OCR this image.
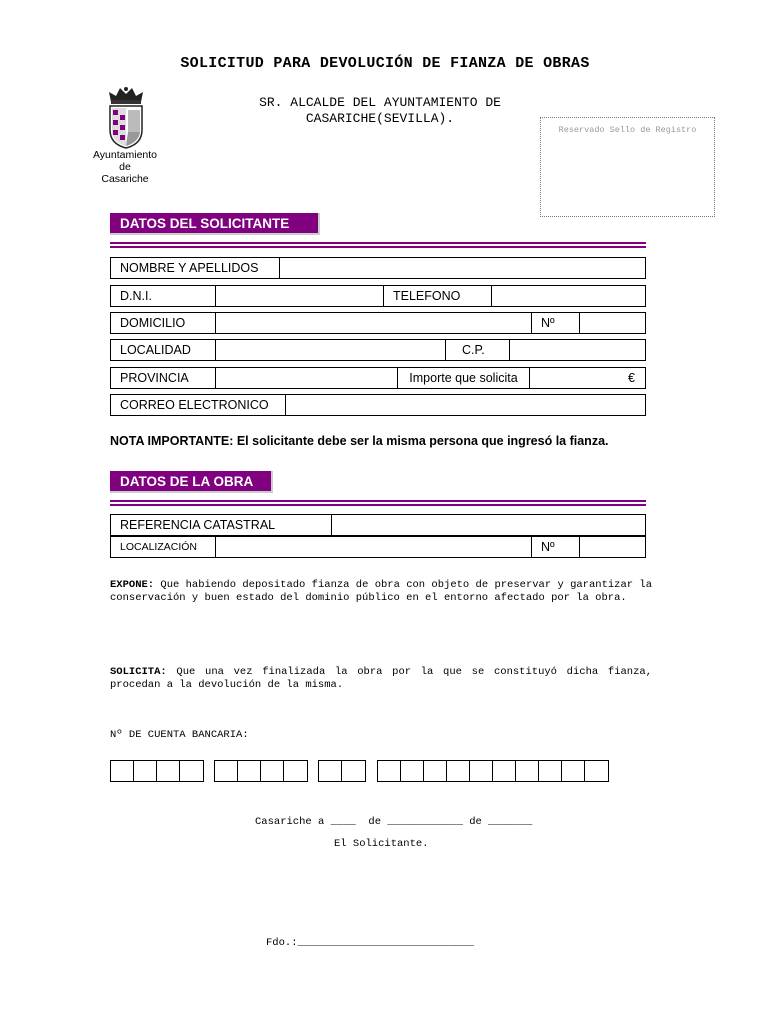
SOLICITUD PARA DEVOLUCIÓN DE FIANZA DE OBRAS
Ayuntamiento
de
Casariche
SR. ALCALDE DEL AYUNTAMIENTO DE
CASARICHE(SEVILLA).
Reservado Sello de Registro
DATOS DEL SOLICITANTE
NOMBRE Y APELLIDOS
D.N.I.	TELEFONO
DOMICILIO	Nº
LOCALIDAD	C.P.
PROVINCIA	Importe que solicita	€
CORREO ELECTRONICO
NOTA IMPORTANTE: El solicitante debe ser la misma persona que ingresó la fianza.
DATOS DE LA OBRA
REFERENCIA CATASTRAL
LOCALIZACIÓN	Nº
EXPONE: Que habiendo depositado fianza de obra con objeto de preservar y garantizar la conservación y buen estado del dominio público en el entorno afectado por la obra.
SOLICITA: Que una vez finalizada la obra por la que se constituyó dicha fianza, procedan a la devolución de la misma.
Nº DE CUENTA BANCARIA:
Casariche a ____  de ____________ de _______
El Solicitante.
Fdo.:____________________________
